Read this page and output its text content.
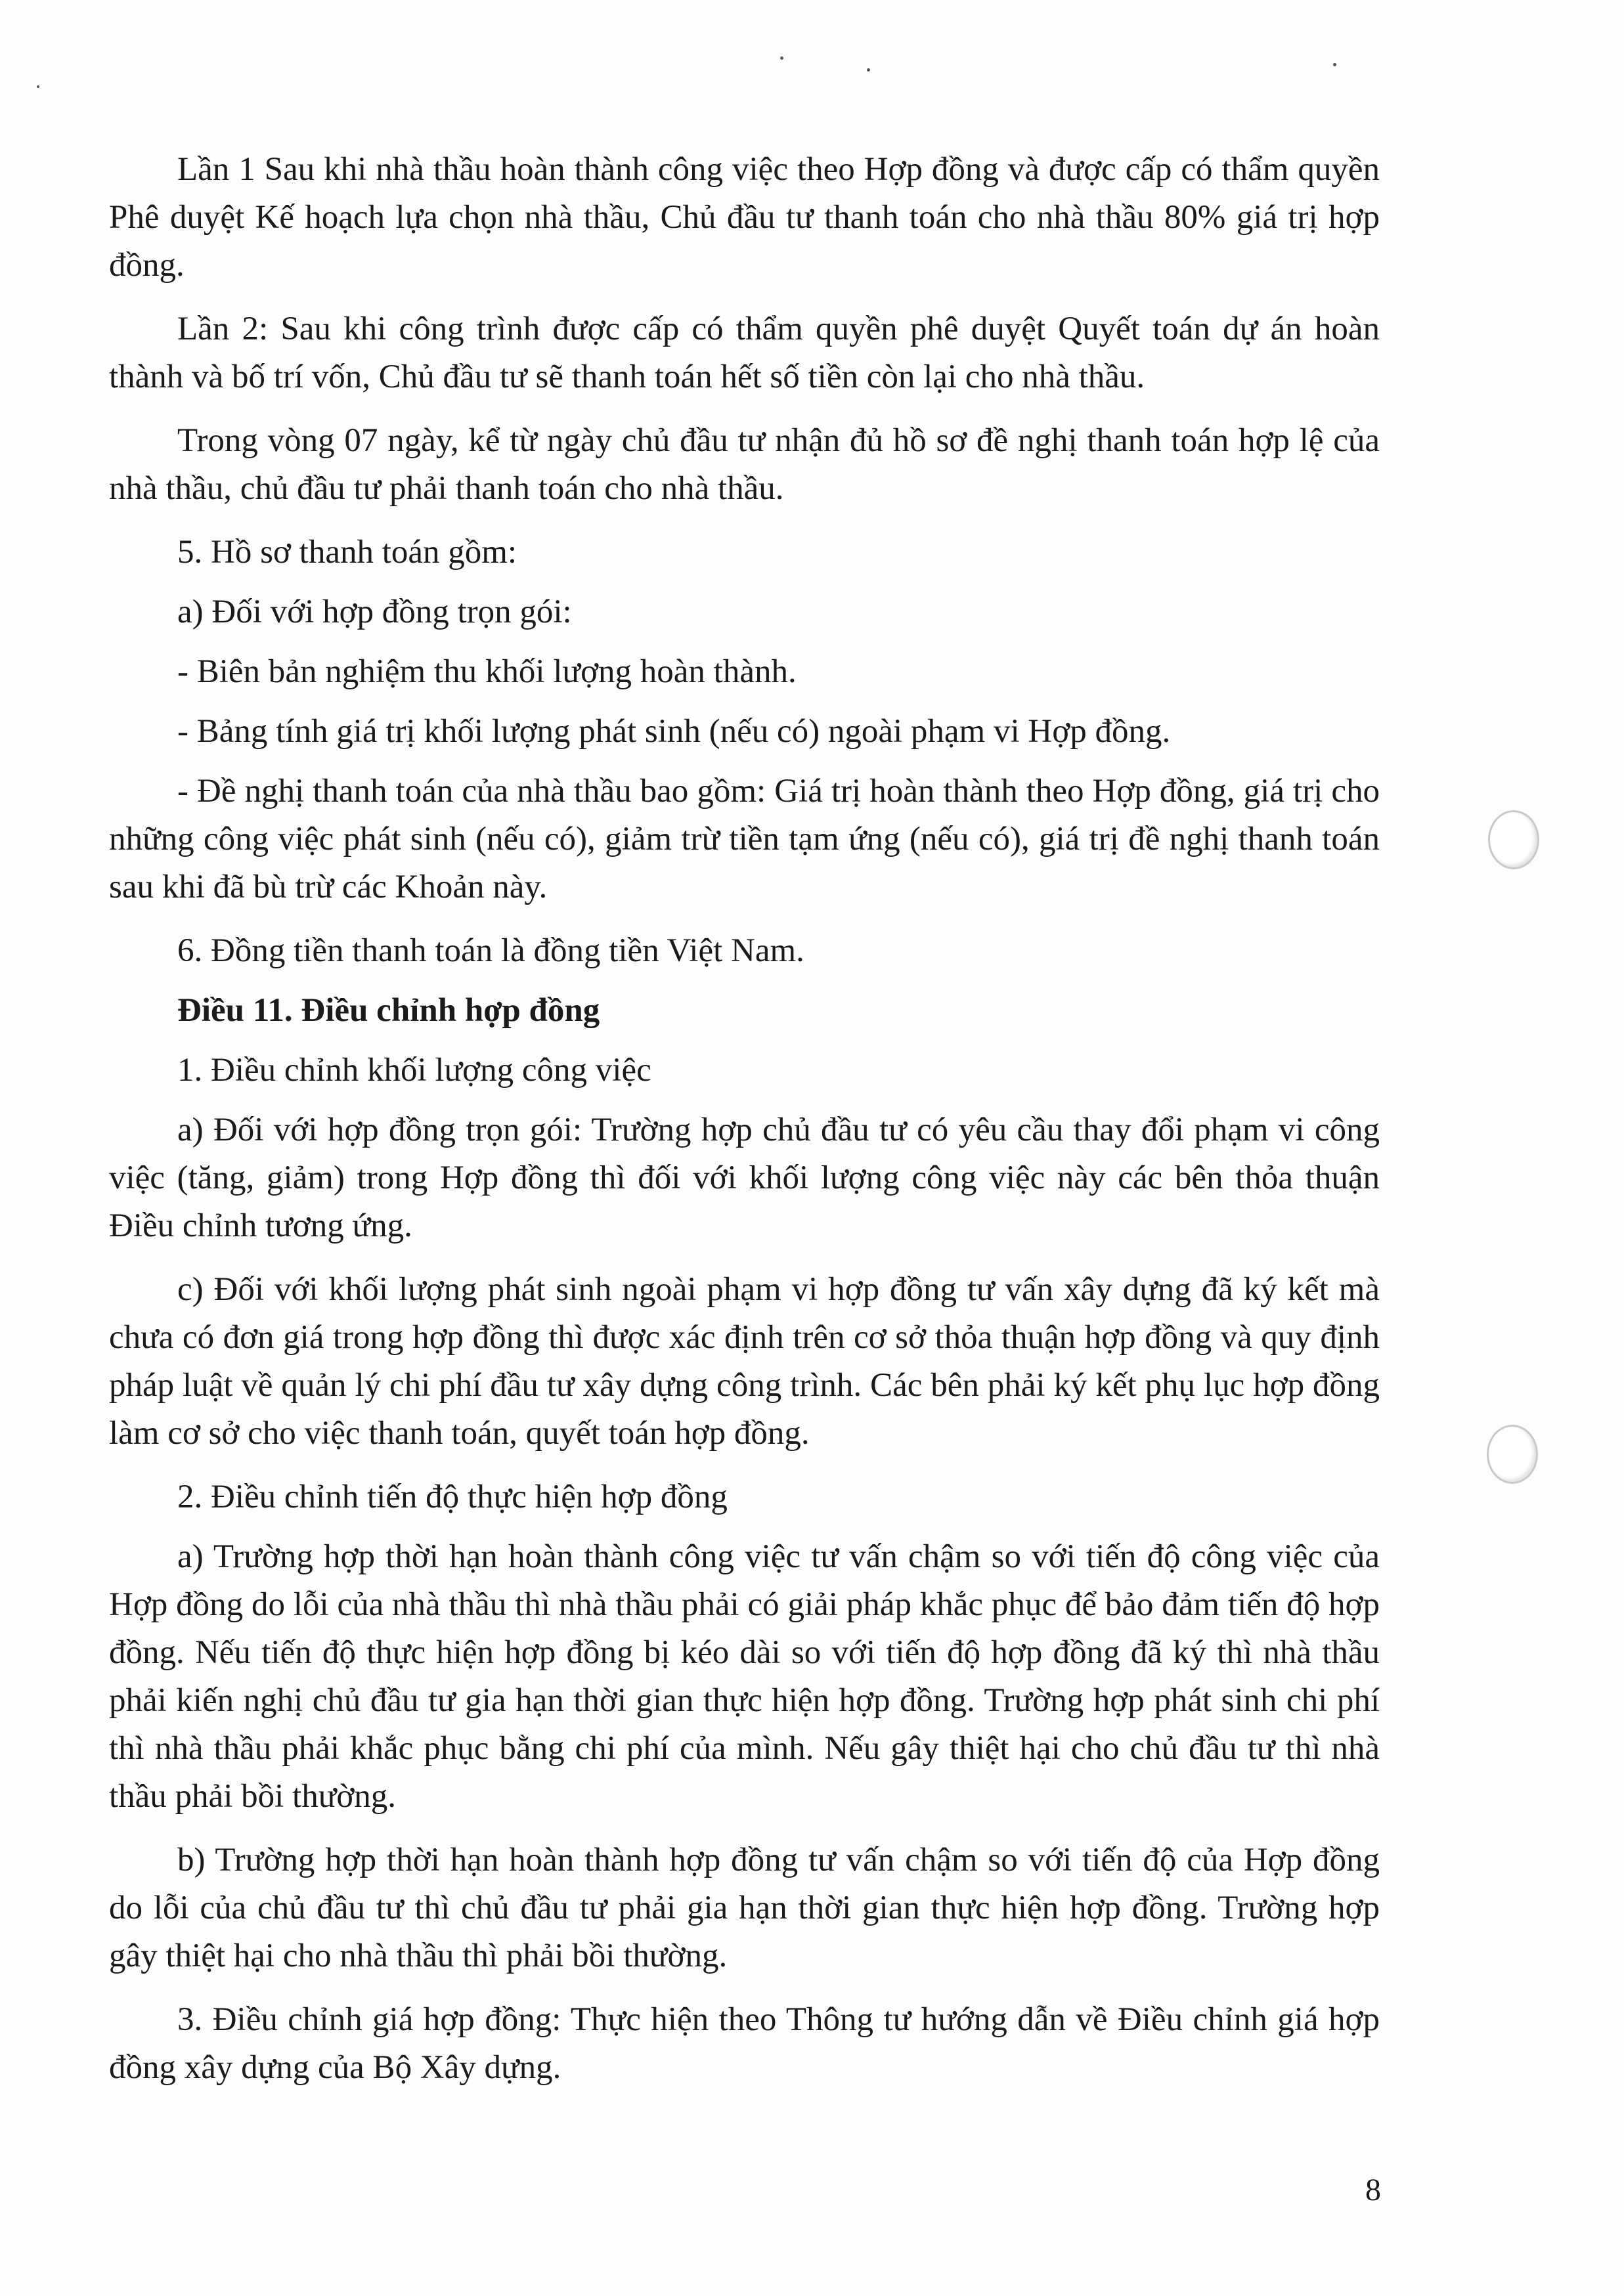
Lần 1 Sau khi nhà thầu hoàn thành công việc theo Hợp đồng và được cấp có thẩm quyền Phê duyệt Kế hoạch lựa chọn nhà thầu, Chủ đầu tư thanh toán cho nhà thầu 80% giá trị hợp đồng.

Lần 2: Sau khi công trình được cấp có thẩm quyền phê duyệt Quyết toán dự án hoàn thành và bố trí vốn, Chủ đầu tư sẽ thanh toán hết số tiền còn lại cho nhà thầu.

Trong vòng 07 ngày, kể từ ngày chủ đầu tư nhận đủ hồ sơ đề nghị thanh toán hợp lệ của nhà thầu, chủ đầu tư phải thanh toán cho nhà thầu.

5. Hồ sơ thanh toán gồm:

a) Đối với hợp đồng trọn gói:

- Biên bản nghiệm thu khối lượng hoàn thành.

- Bảng tính giá trị khối lượng phát sinh (nếu có) ngoài phạm vi Hợp đồng.

- Đề nghị thanh toán của nhà thầu bao gồm: Giá trị hoàn thành theo Hợp đồng, giá trị cho những công việc phát sinh (nếu có), giảm trừ tiền tạm ứng (nếu có), giá trị đề nghị thanh toán sau khi đã bù trừ các Khoản này.

6. Đồng tiền thanh toán là đồng tiền Việt Nam.

Điều 11. Điều chỉnh hợp đồng

1. Điều chỉnh khối lượng công việc

a) Đối với hợp đồng trọn gói: Trường hợp chủ đầu tư có yêu cầu thay đổi phạm vi công việc (tăng, giảm) trong Hợp đồng thì đối với khối lượng công việc này các bên thỏa thuận Điều chỉnh tương ứng.

c) Đối với khối lượng phát sinh ngoài phạm vi hợp đồng tư vấn xây dựng đã ký kết mà chưa có đơn giá trong hợp đồng thì được xác định trên cơ sở thỏa thuận hợp đồng và quy định pháp luật về quản lý chi phí đầu tư xây dựng công trình. Các bên phải ký kết phụ lục hợp đồng làm cơ sở cho việc thanh toán, quyết toán hợp đồng.

2. Điều chỉnh tiến độ thực hiện hợp đồng

a) Trường hợp thời hạn hoàn thành công việc tư vấn chậm so với tiến độ công việc của Hợp đồng do lỗi của nhà thầu thì nhà thầu phải có giải pháp khắc phục để bảo đảm tiến độ hợp đồng. Nếu tiến độ thực hiện hợp đồng bị kéo dài so với tiến độ hợp đồng đã ký thì nhà thầu phải kiến nghị chủ đầu tư gia hạn thời gian thực hiện hợp đồng. Trường hợp phát sinh chi phí thì nhà thầu phải khắc phục bằng chi phí của mình. Nếu gây thiệt hại cho chủ đầu tư thì nhà thầu phải bồi thường.

b) Trường hợp thời hạn hoàn thành hợp đồng tư vấn chậm so với tiến độ của Hợp đồng do lỗi của chủ đầu tư thì chủ đầu tư phải gia hạn thời gian thực hiện hợp đồng. Trường hợp gây thiệt hại cho nhà thầu thì phải bồi thường.

3. Điều chỉnh giá hợp đồng: Thực hiện theo Thông tư hướng dẫn về Điều chỉnh giá hợp đồng xây dựng của Bộ Xây dựng.

8
